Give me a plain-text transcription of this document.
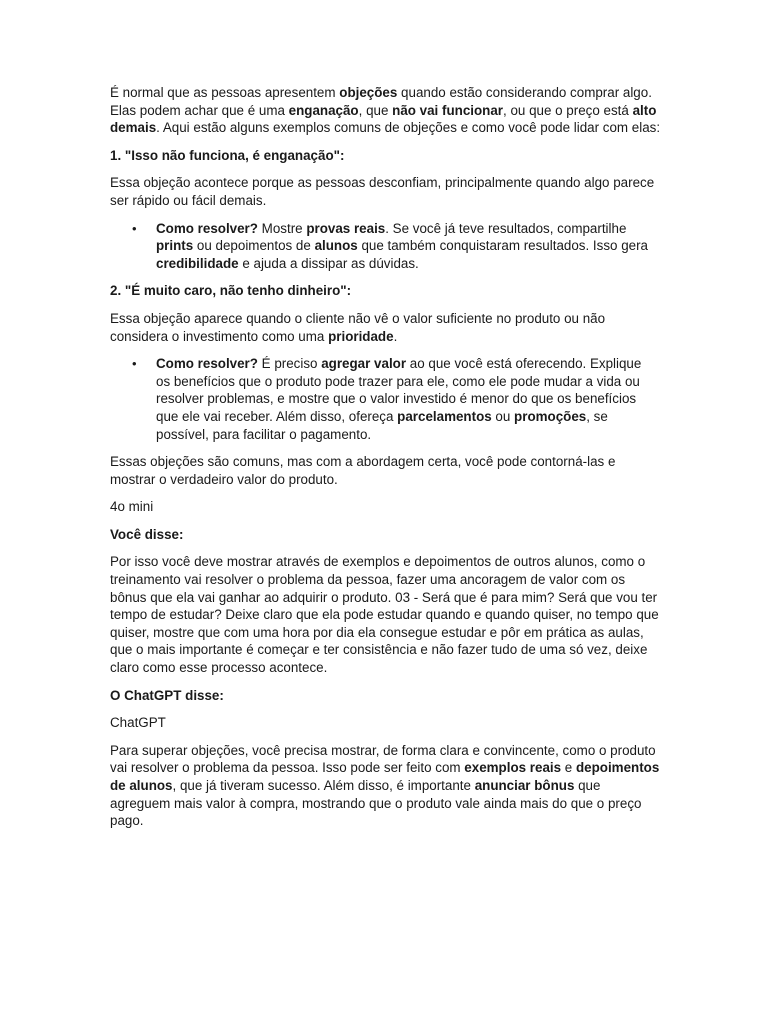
É normal que as pessoas apresentem objeções quando estão considerando comprar algo. Elas podem achar que é uma enganação, que não vai funcionar, ou que o preço está alto demais. Aqui estão alguns exemplos comuns de objeções e como você pode lidar com elas:
1. "Isso não funciona, é enganação":
Essa objeção acontece porque as pessoas desconfiam, principalmente quando algo parece ser rápido ou fácil demais.
• Como resolver? Mostre provas reais. Se você já teve resultados, compartilhe prints ou depoimentos de alunos que também conquistaram resultados. Isso gera credibilidade e ajuda a dissipar as dúvidas.
2. "É muito caro, não tenho dinheiro":
Essa objeção aparece quando o cliente não vê o valor suficiente no produto ou não considera o investimento como uma prioridade.
• Como resolver? É preciso agregar valor ao que você está oferecendo. Explique os benefícios que o produto pode trazer para ele, como ele pode mudar a vida ou resolver problemas, e mostre que o valor investido é menor do que os benefícios que ele vai receber. Além disso, ofereça parcelamentos ou promoções, se possível, para facilitar o pagamento.
Essas objeções são comuns, mas com a abordagem certa, você pode contorná-las e mostrar o verdadeiro valor do produto.
4o mini
Você disse:
Por isso você deve mostrar através de exemplos e depoimentos de outros alunos, como o treinamento vai resolver o problema da pessoa, fazer uma ancoragem de valor com os bônus que ela vai ganhar ao adquirir o produto. 03 - Será que é para mim? Será que vou ter tempo de estudar? Deixe claro que ela pode estudar quando e quando quiser, no tempo que quiser, mostre que com uma hora por dia ela consegue estudar e pôr em prática as aulas, que o mais importante é começar e ter consistência e não fazer tudo de uma só vez, deixe claro como esse processo acontece.
O ChatGPT disse:
ChatGPT
Para superar objeções, você precisa mostrar, de forma clara e convincente, como o produto vai resolver o problema da pessoa. Isso pode ser feito com exemplos reais e depoimentos de alunos, que já tiveram sucesso. Além disso, é importante anunciar bônus que agreguem mais valor à compra, mostrando que o produto vale ainda mais do que o preço pago.
